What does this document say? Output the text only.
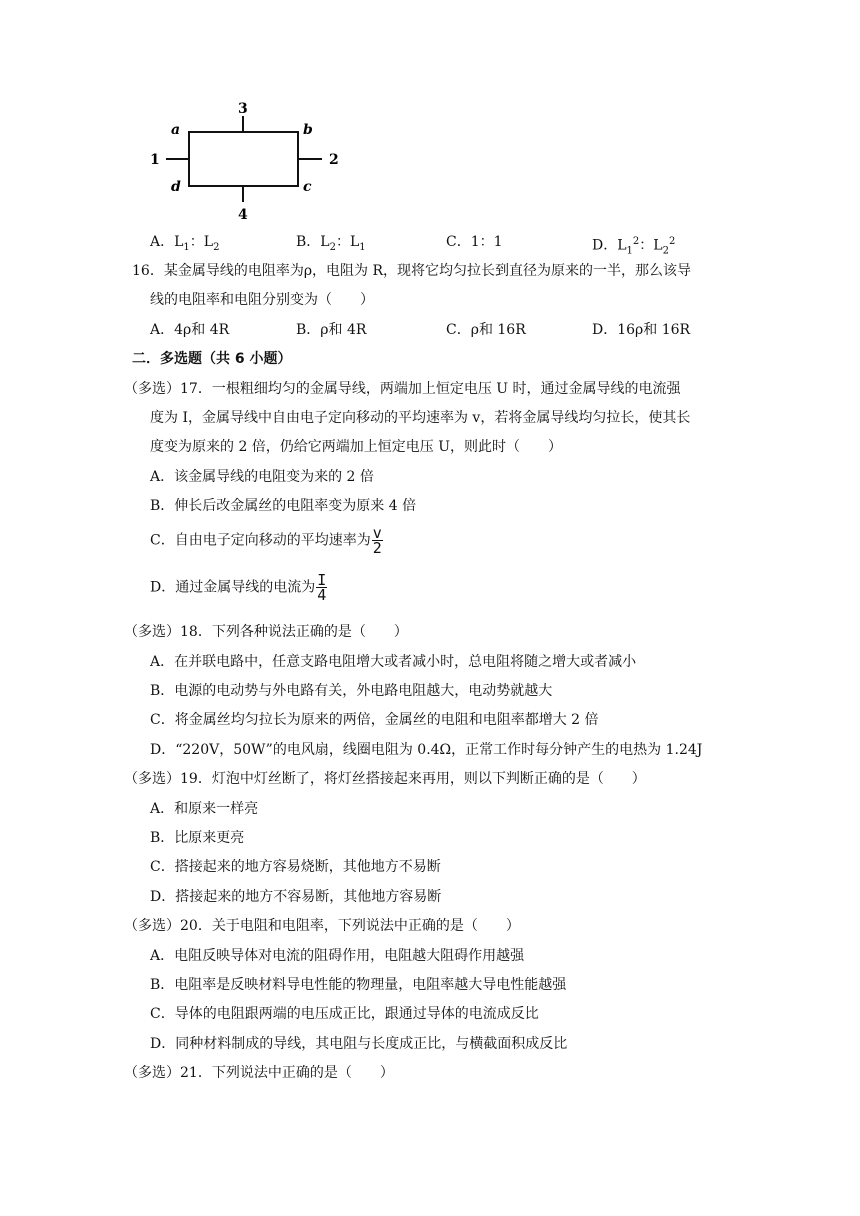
3
4
1	2
a	b
d	c
A．$L_1$：$L_2$	B．$L_2$：$L_1$	C．1：1	D．$L_1^2$：$L_2^2$
16．某金属导线的电阻率为ρ，电阻为 R，现将它均匀拉长到直径为原来的一半，那么该导
线的电阻率和电阻分别变为（　　）
A．4ρ和 4R	B．ρ和 4R	C．ρ和 16R	D．16ρ和 16R
二．多选题（共 6 小题）
（多选）17．一根粗细均匀的金属导线，两端加上恒定电压 U 时，通过金属导线的电流强
度为 I，金属导线中自由电子定向移动的平均速率为 v，若将金属导线均匀拉长，使其长
度变为原来的 2 倍，仍给它两端加上恒定电压 U，则此时（　　）
A．该金属导线的电阻变为来的 2 倍
B．伸长后改金属丝的电阻率变为原来 4 倍
C．自由电子定向移动的平均速率为 $\frac{v}{2}$
D．通过金属导线的电流为 $\frac{I}{4}$
（多选）18．下列各种说法正确的是（　　）
A．在并联电路中，任意支路电阻增大或者减小时，总电阻将随之增大或者减小
B．电源的电动势与外电路有关，外电路电阻越大，电动势就越大
C．将金属丝均匀拉长为原来的两倍，金属丝的电阻和电阻率都增大 2 倍
D．“220V，50W”的电风扇，线圈电阻为 0.4Ω，正常工作时每分钟产生的电热为 1.24J
（多选）19．灯泡中灯丝断了，将灯丝搭接起来再用，则以下判断正确的是（　　）
A．和原来一样亮
B．比原来更亮
C．搭接起来的地方容易烧断，其他地方不易断
D．搭接起来的地方不容易断，其他地方容易断
（多选）20．关于电阻和电阻率，下列说法中正确的是（　　）
A．电阻反映导体对电流的阻碍作用，电阻越大阻碍作用越强
B．电阻率是反映材料导电性能的物理量，电阻率越大导电性能越强
C．导体的电阻跟两端的电压成正比，跟通过导体的电流成反比
D．同种材料制成的导线，其电阻与长度成正比，与横截面积成反比
（多选）21．下列说法中正确的是（　　）
